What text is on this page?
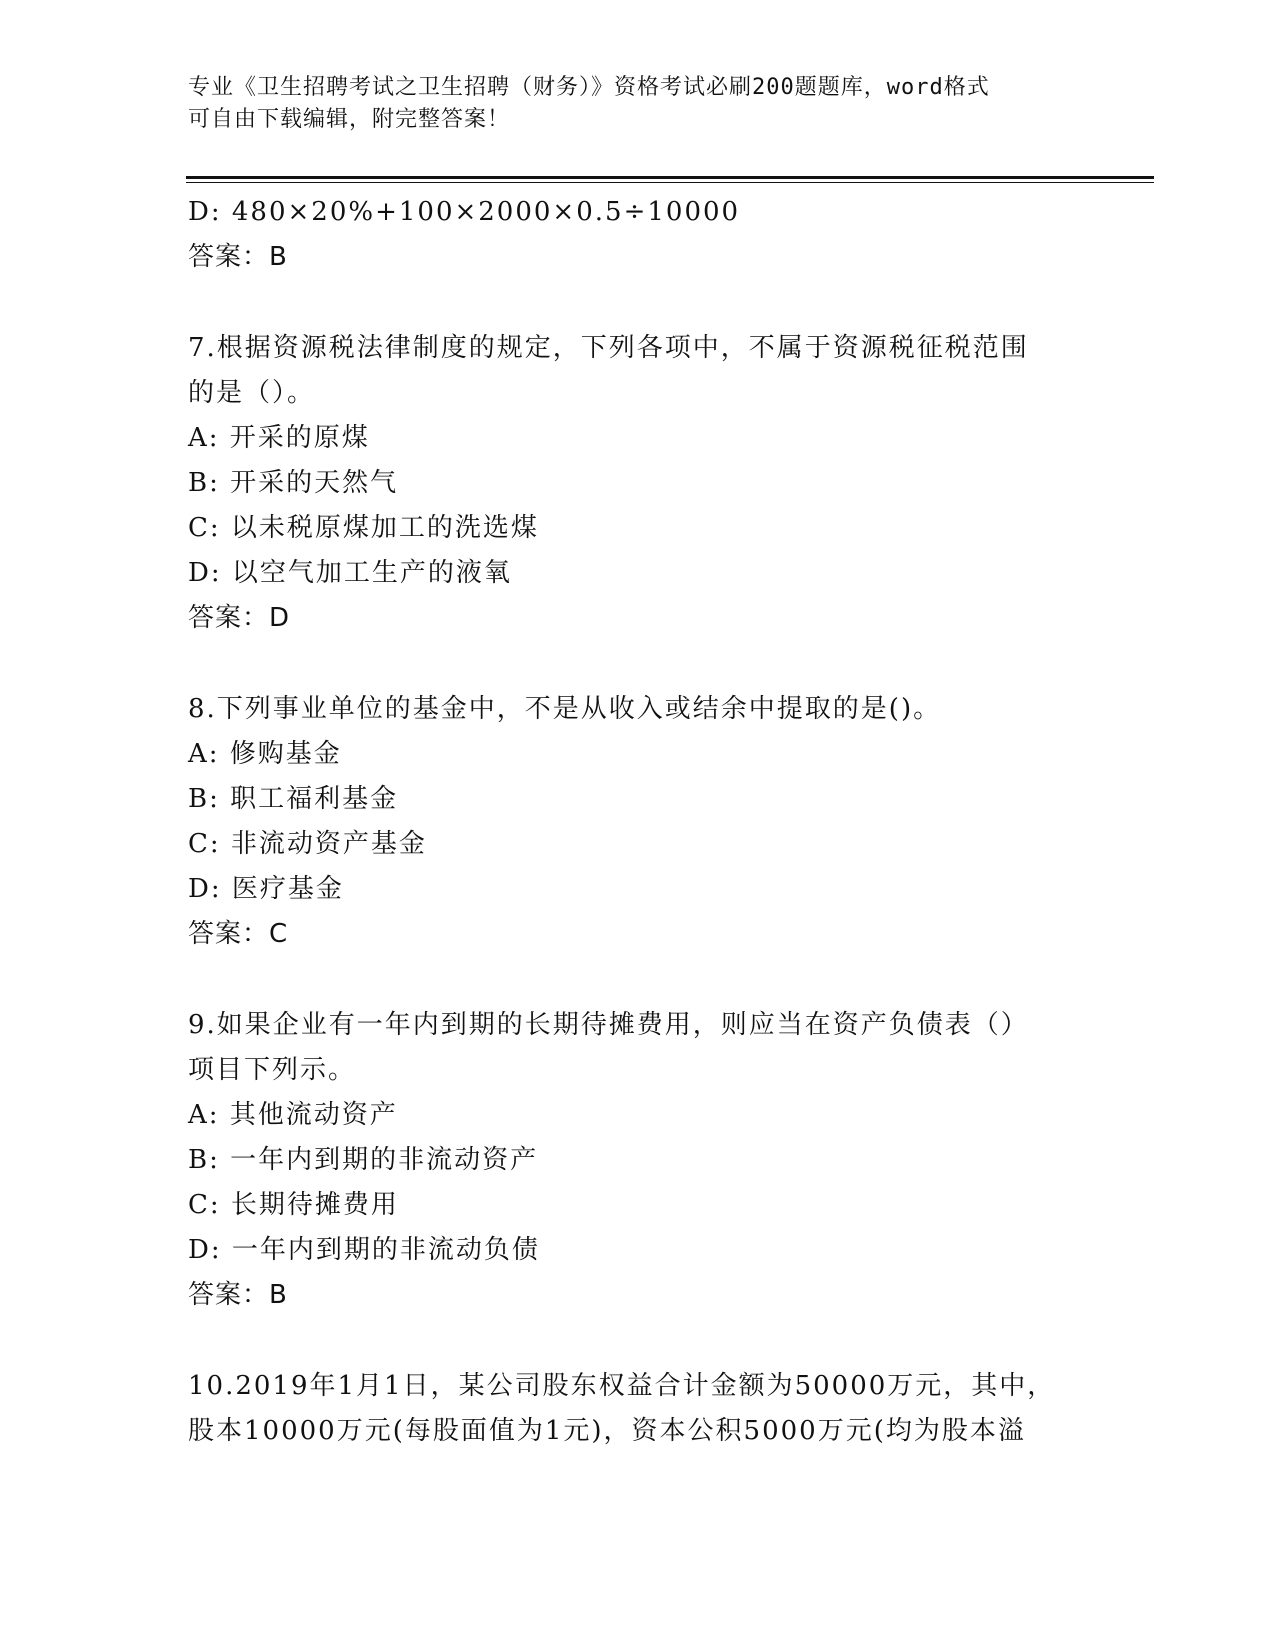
专业《卫生招聘考试之卫生招聘（财务）》资格考试必刷200题题库，word格式
可自由下载编辑，附完整答案！
D: 480×20%+100×2000×0.5÷10000
答案：B
7.根据资源税法律制度的规定，下列各项中，不属于资源税征税范围
的是（）。
A: 开采的原煤
B: 开采的天然气
C: 以未税原煤加工的洗选煤
D: 以空气加工生产的液氧
答案：D
8.下列事业单位的基金中，不是从收入或结余中提取的是()。
A: 修购基金
B: 职工福利基金
C: 非流动资产基金
D: 医疗基金
答案：C
9.如果企业有一年内到期的长期待摊费用，则应当在资产负债表（）
项目下列示。
A: 其他流动资产
B: 一年内到期的非流动资产
C: 长期待摊费用
D: 一年内到期的非流动负债
答案：B
10.2019年1月1日，某公司股东权益合计金额为50000万元，其中，
股本10000万元(每股面值为1元)，资本公积5000万元(均为股本溢
